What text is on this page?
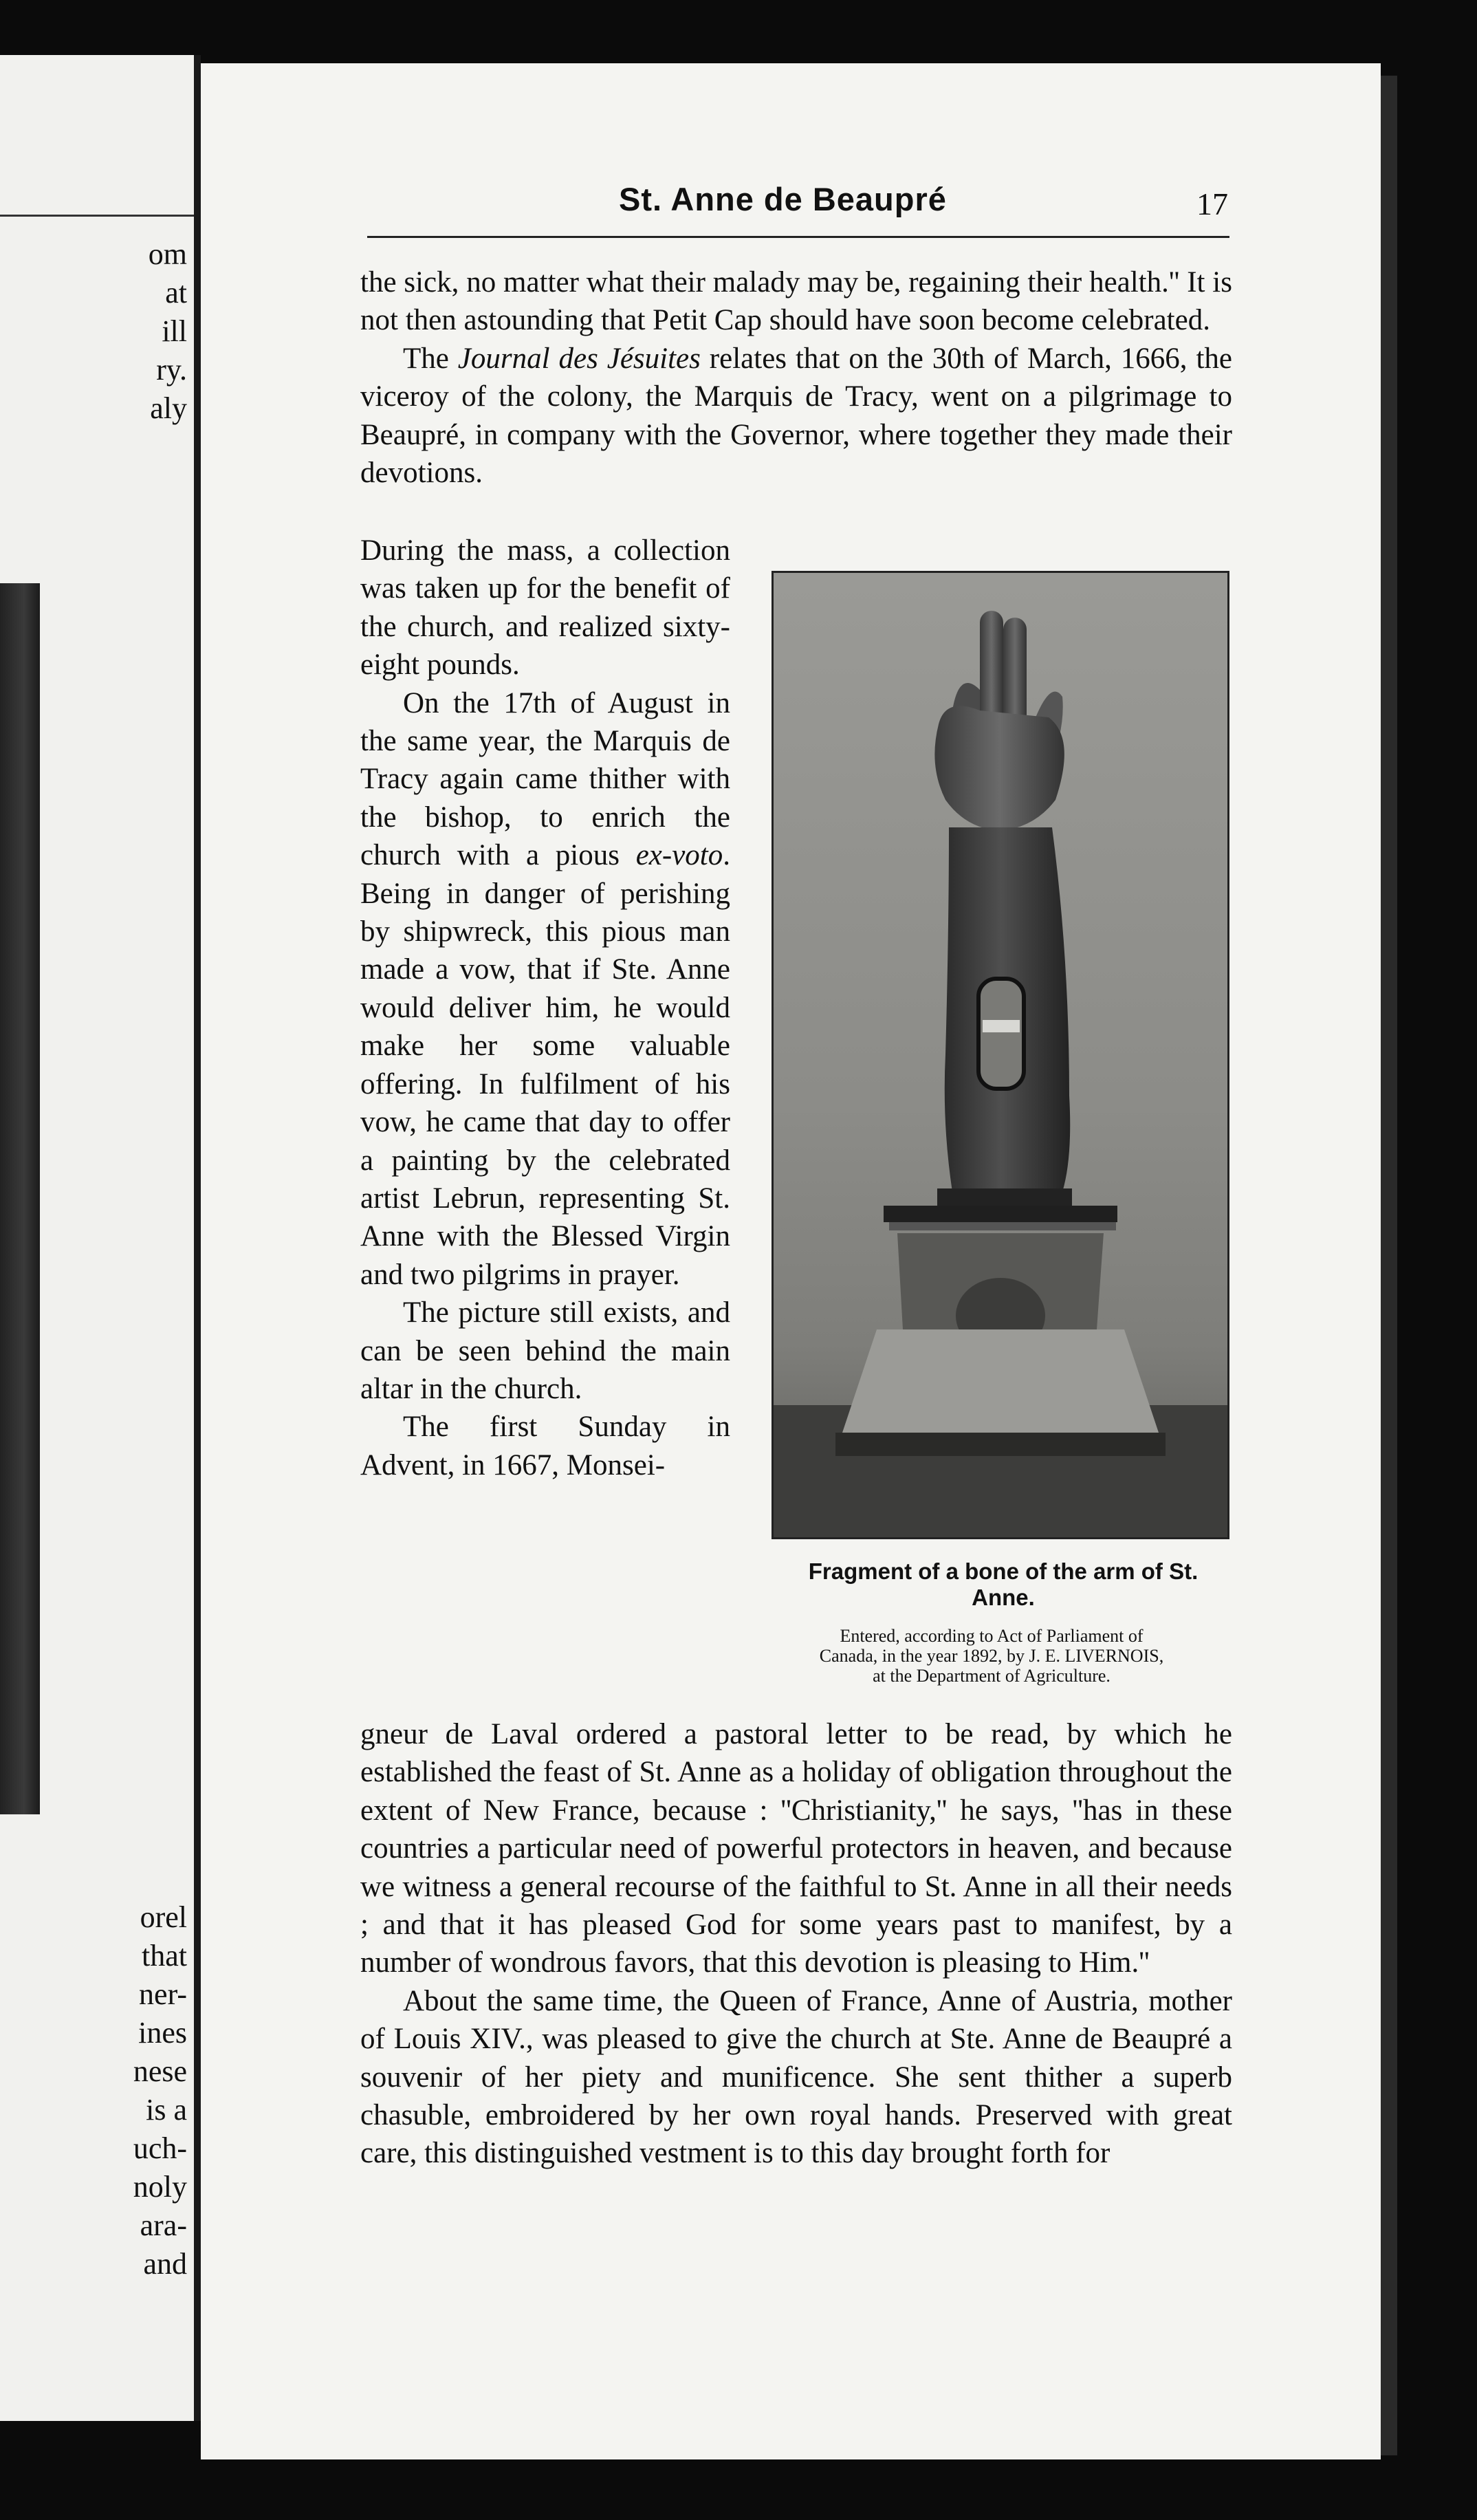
om
at
ill
ry.
aly
orel
that
ner-
ines
nese
is a
uch-
noly
ara-
and
St. Anne de Beaupré	17

the sick, no matter what their malady may be, regaining their health.'' It is not then astounding that Petit Cap should have soon become celebrated.

The Journal des Jésuites relates that on the 30th of March, 1666, the viceroy of the colony, the Marquis de Tracy, went on a pilgrimage to Beaupré, in company with the Governor, where together they made their devotions.

During the mass, a collection was taken up for the benefit of the church, and realized sixty-eight pounds.

On the 17th of August in the same year, the Marquis de Tracy again came thither with the bishop, to enrich the church with a pious ex-voto. Being in danger of perishing by shipwreck, this pious man made a vow, that if Ste. Anne would deliver him, he would make her some valuable offering. In fulfilment of his vow, he came that day to offer a painting by the celebrated artist Lebrun, representing St. Anne with the Blessed Virgin and two pilgrims in prayer.

The picture still exists, and can be seen behind the main altar in the church.

The first Sunday in Advent, in 1667, Monsei-

gneur de Laval ordered a pastoral letter to be read, by which he established the feast of St. Anne as a holiday of obligation throughout the extent of New France, because : ''Christianity,'' he says, ''has in these countries a particular need of powerful protectors in heaven, and because we witness a general recourse of the faithful to St. Anne in all their needs ; and that it has pleased God for some years past to manifest, by a number of wondrous favors, that this devotion is pleasing to Him.''

About the same time, the Queen of France, Anne of Austria, mother of Louis XIV., was pleased to give the church at Ste. Anne de Beaupré a souvenir of her piety and munificence. She sent thither a superb chasuble, embroidered by her own royal hands. Preserved with great care, this distinguished vestment is to this day brought forth for

Fragment of a bone of the arm of St. Anne.
Entered, according to Act of Parliament of
Canada, in the year 1892, by J. E. LIVERNOIS,
at the Department of Agriculture.
